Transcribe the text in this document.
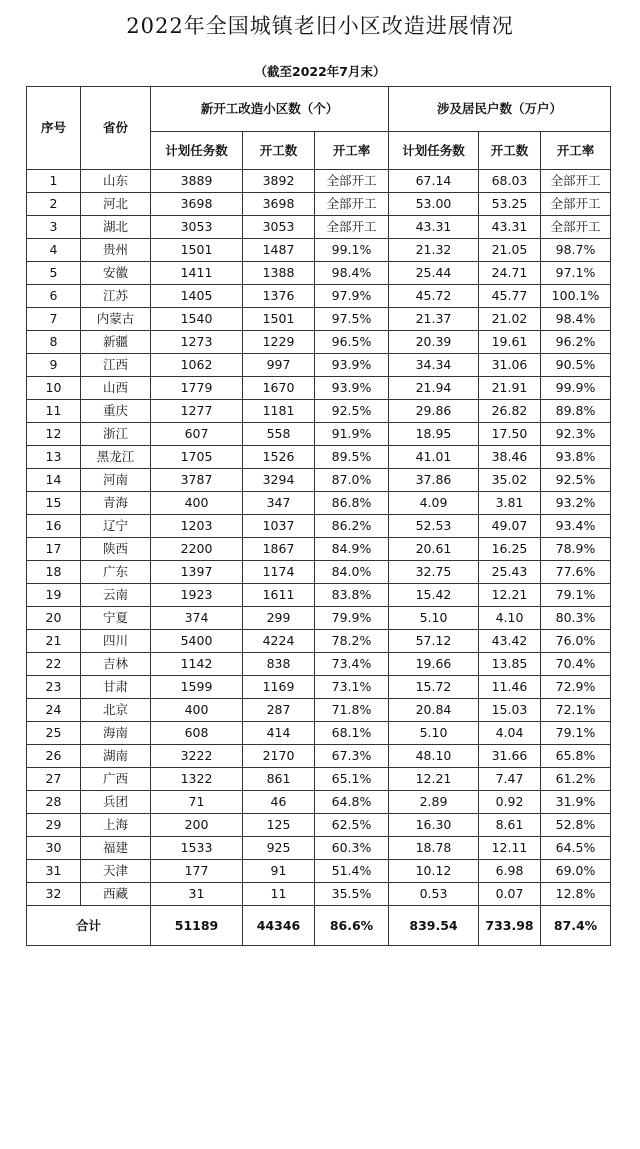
2022年全国城镇老旧小区改造进展情况
（截至2022年7月末）
序号	省份	新开工改造小区数（个）			涉及居民户数（万户）		
		计划任务数	开工数	开工率	计划任务数	开工数	开工率
1	山东	3889	3892	全部开工	67.14	68.03	全部开工
2	河北	3698	3698	全部开工	53.00	53.25	全部开工
3	湖北	3053	3053	全部开工	43.31	43.31	全部开工
4	贵州	1501	1487	99.1%	21.32	21.05	98.7%
5	安徽	1411	1388	98.4%	25.44	24.71	97.1%
6	江苏	1405	1376	97.9%	45.72	45.77	100.1%
7	内蒙古	1540	1501	97.5%	21.37	21.02	98.4%
8	新疆	1273	1229	96.5%	20.39	19.61	96.2%
9	江西	1062	997	93.9%	34.34	31.06	90.5%
10	山西	1779	1670	93.9%	21.94	21.91	99.9%
11	重庆	1277	1181	92.5%	29.86	26.82	89.8%
12	浙江	607	558	91.9%	18.95	17.50	92.3%
13	黑龙江	1705	1526	89.5%	41.01	38.46	93.8%
14	河南	3787	3294	87.0%	37.86	35.02	92.5%
15	青海	400	347	86.8%	4.09	3.81	93.2%
16	辽宁	1203	1037	86.2%	52.53	49.07	93.4%
17	陕西	2200	1867	84.9%	20.61	16.25	78.9%
18	广东	1397	1174	84.0%	32.75	25.43	77.6%
19	云南	1923	1611	83.8%	15.42	12.21	79.1%
20	宁夏	374	299	79.9%	5.10	4.10	80.3%
21	四川	5400	4224	78.2%	57.12	43.42	76.0%
22	吉林	1142	838	73.4%	19.66	13.85	70.4%
23	甘肃	1599	1169	73.1%	15.72	11.46	72.9%
24	北京	400	287	71.8%	20.84	15.03	72.1%
25	海南	608	414	68.1%	5.10	4.04	79.1%
26	湖南	3222	2170	67.3%	48.10	31.66	65.8%
27	广西	1322	861	65.1%	12.21	7.47	61.2%
28	兵团	71	46	64.8%	2.89	0.92	31.9%
29	上海	200	125	62.5%	16.30	8.61	52.8%
30	福建	1533	925	60.3%	18.78	12.11	64.5%
31	天津	177	91	51.4%	10.12	6.98	69.0%
32	西藏	31	11	35.5%	0.53	0.07	12.8%
合计		51189	44346	86.6%	839.54	733.98	87.4%
